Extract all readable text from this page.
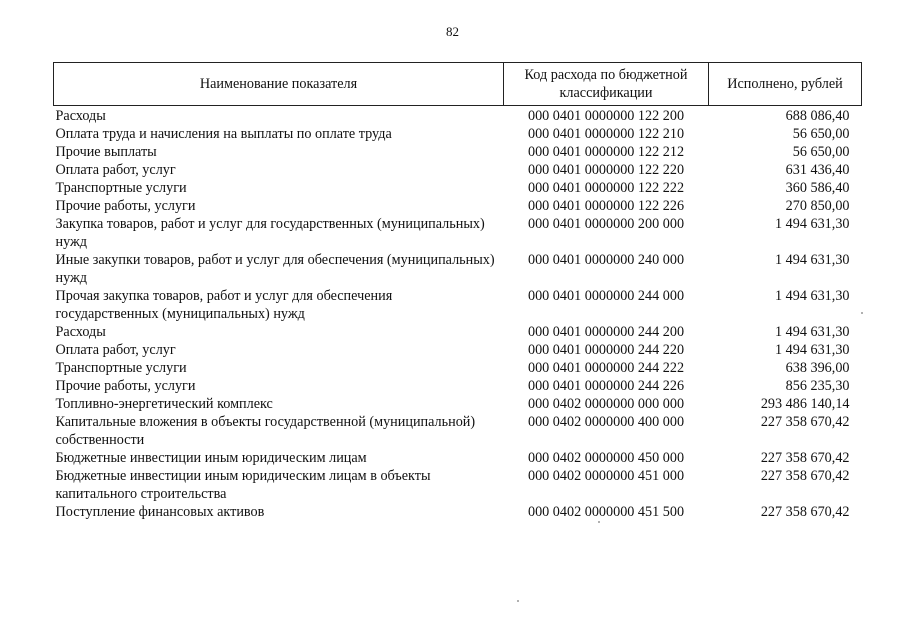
82
Наименование показателя	Код расхода по бюджетной классификации	Исполнено, рублей
Расходы	000 0401 0000000 122 200	688 086,40
Оплата труда и начисления на выплаты по оплате труда	000 0401 0000000 122 210	56 650,00
Прочие выплаты	000 0401 0000000 122 212	56 650,00
Оплата работ, услуг	000 0401 0000000 122 220	631 436,40
Транспортные услуги	000 0401 0000000 122 222	360 586,40
Прочие работы, услуги	000 0401 0000000 122 226	270 850,00
Закупка товаров, работ и услуг для государственных (муниципальных) нужд	000 0401 0000000 200 000	1 494 631,30
Иные закупки товаров, работ и услуг для обеспечения (муниципальных) нужд	000 0401 0000000 240 000	1 494 631,30
Прочая закупка товаров, работ и услуг для обеспечения государственных (муниципальных) нужд	000 0401 0000000 244 000	1 494 631,30
Расходы	000 0401 0000000 244 200	1 494 631,30
Оплата работ, услуг	000 0401 0000000 244 220	1 494 631,30
Транспортные услуги	000 0401 0000000 244 222	638 396,00
Прочие работы, услуги	000 0401 0000000 244 226	856 235,30
Топливно-энергетический комплекс	000 0402 0000000 000 000	293 486 140,14
Капитальные вложения в объекты государственной (муниципальной) собственности	000 0402 0000000 400 000	227 358 670,42
Бюджетные инвестиции иным юридическим лицам	000 0402 0000000 450 000	227 358 670,42
Бюджетные инвестиции иным юридическим лицам в объекты капитального строительства	000 0402 0000000 451 000	227 358 670,42
Поступление финансовых активов	000 0402 0000000 451 500	227 358 670,42
